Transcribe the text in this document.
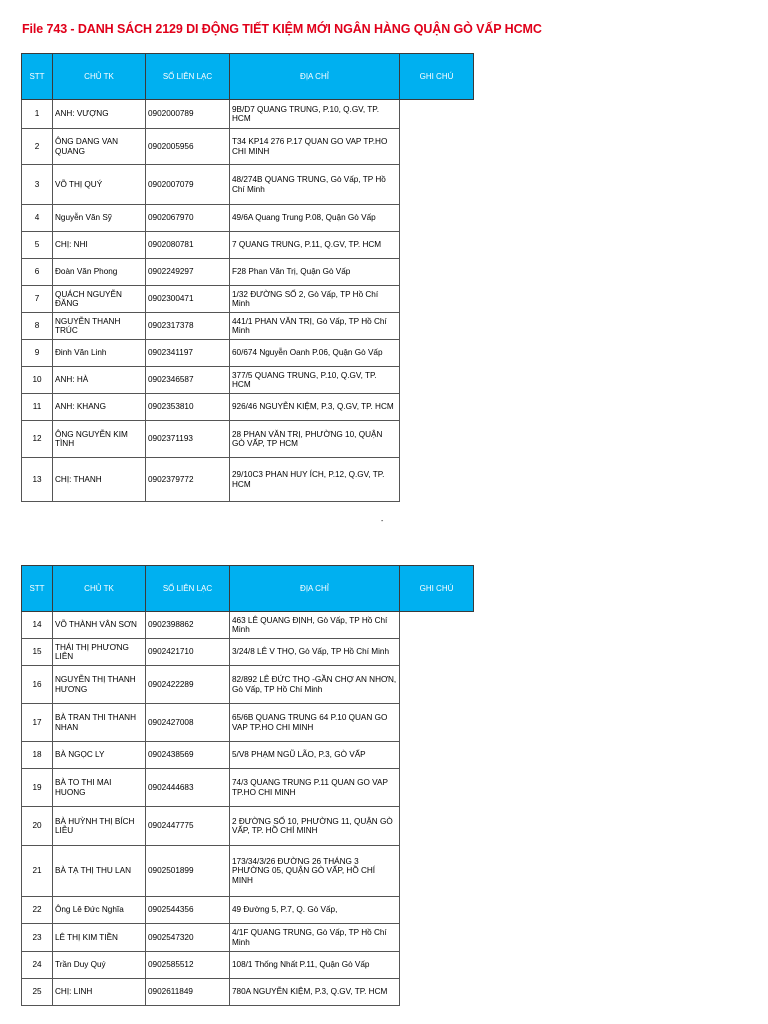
File 743 - DANH SÁCH 2129 DI ĐỘNG TIẾT KIỆM MỚI NGÂN HÀNG QUẬN GÒ VẤP HCMC
STT	CHỦ TK	SỐ LIÊN LẠC	ĐỊA CHỈ	GHI CHÚ
1	ANH: VƯỢNG	0902000789	9B/D7 QUANG TRUNG, P.10, Q.GV, TP. HCM	
2	ÔNG DANG VAN QUANG	0902005956	T34 KP14 276 P.17 QUAN GO VAP TP.HO CHI MINH	
3	VÕ THỊ QUÝ	0902007079	48/274B QUANG TRUNG, Gò Vấp, TP Hồ Chí Minh	
4	Nguyễn Văn Sỹ	0902067970	49/6A Quang Trung P.08, Quận Gò Vấp	
5	CHỊ: NHI	0902080781	7 QUANG TRUNG, P.11, Q.GV, TP. HCM	
6	Đoàn Văn Phong	0902249297	F28 Phan Văn Trị, Quận Gò Vấp	
7	QUÁCH NGUYỄN ĐĂNG	0902300471	1/32 ĐƯỜNG SỐ 2, Gò Vấp, TP Hồ Chí Minh	
8	NGUYỄN THANH TRÚC	0902317378	441/1 PHAN VĂN TRỊ, Gò Vấp, TP Hồ Chí Minh	
9	Đinh Văn Linh	0902341197	60/674 Nguyễn Oanh P.06, Quận Gò Vấp	
10	ANH: HÀ	0902346587	377/5 QUANG TRUNG, P.10, Q.GV, TP. HCM	
11	ANH: KHANG	0902353810	926/46 NGUYỄN KIỆM, P.3, Q.GV, TP. HCM	
12	ÔNG NGUYỄN KIM TÌNH	0902371193	28 PHAN VĂN TRỊ, PHƯỜNG 10, QUẬN GÒ VẤP, TP HCM	
13	CHỊ: THANH	0902379772	29/10C3 PHAN HUY ÍCH, P.12, Q.GV, TP. HCM	
-
STT	CHỦ TK	SỐ LIÊN LẠC	ĐỊA CHỈ	GHI CHÚ
14	VÕ THÀNH VÂN SƠN	0902398862	463 LÊ QUANG ĐỊNH, Gò Vấp, TP Hồ Chí Minh	
15	THÁI THỊ PHƯƠNG LIÊN	0902421710	3/24/8 LÊ V THỌ, Gò Vấp, TP Hồ Chí Minh	
16	NGUYỄN THỊ THANH HƯƠNG	0902422289	82/892 LÊ ĐỨC THỌ -GẦN CHỢ AN NHƠN, Gò Vấp, TP Hồ Chí Minh	
17	BÀ TRAN THI THANH NHAN	0902427008	65/6B QUANG TRUNG 64 P.10 QUAN GO VAP TP.HO CHI MINH	
18	BÀ NGỌC LY	0902438569	5/V8 PHẠM NGŨ LÃO, P.3, GÒ VẤP	
19	BÀ TO THI MAI HUONG	0902444683	74/3 QUANG TRUNG P.11 QUAN GO VAP TP.HO CHI MINH	
20	BÀ HUỲNH THỊ BÍCH LIỄU	0902447775	2 ĐƯỜNG SỐ 10, PHƯỜNG 11, QUẬN GÒ VẤP, TP. HỒ CHÍ MINH	
21	BÀ TẠ THỊ THU LAN	0902501899	173/34/3/26 ĐƯỜNG 26 THÁNG 3 PHƯỜNG 05, QUẬN GÒ VẤP, HỒ CHÍ MINH	
22	Ông Lê Đức Nghĩa	0902544356	49 Đường 5, P.7, Q. Gò Vấp,	
23	LÊ THỊ KIM TIỀN	0902547320	4/1F QUANG TRUNG, Gò Vấp, TP Hồ Chí Minh	
24	Trần Duy Quý	0902585512	108/1 Thống Nhất P.11, Quận Gò Vấp	
25	CHỊ: LINH	0902611849	780A NGUYỄN KIỆM, P.3, Q.GV, TP. HCM	
